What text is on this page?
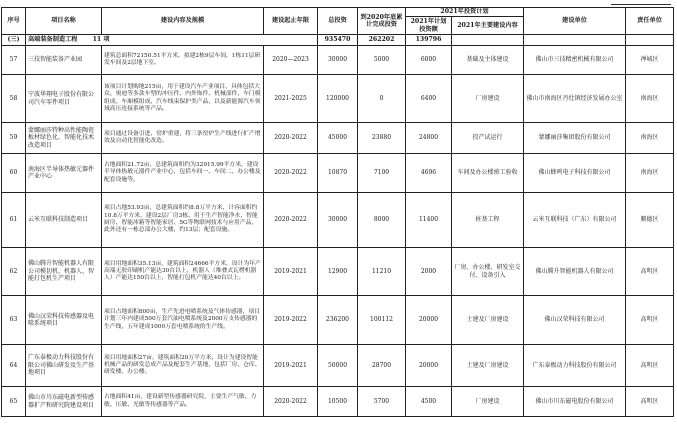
序号	项目名称	建设内容及规模	建设起止年限	总投资	到2020年底累计完成投资	2021年投资计划		建设单位	责任单位
						2021年计划投资额	2021年主要建设内容		
(三)	高端装备制造工程 11 项			935470	262202	139796			
57	三技智能装备产业园	建筑总面积72150.51平方米，拟建2栋9层车间，1栋11层研发车间及2层地下室。	2020—2023	30000	5000	6000	基础及主体建设	佛山市三技精密机械有限公司	禅城区
58	宁波华翔电子股份有限公司汽车零件项目	该项目计划购地215亩，用于建设汽车产业项目，具体包括大众、奥迪等多款车型的冲压件、内外饰件、机械部件、车门模组成、车厢模组成、汽车线束保护类产品，以及新能源汽车领域高压连接系统等产品。	2021-2025	120000	0	6400	厂房建设	佛山市南海区丹灶镇经济发展办公室	南海区
59	蒙娜丽莎特种高性能陶瓷板材绿色化、智能化技术改造项目	项目通过设备引进、窑炉重建，将三条窑炉生产线进行扩产增效及自动化智能化改造。	2020-2022	45000	23880	24800	投产试运行	蒙娜丽莎集团股份有限公司	南海区
60	南海区半导体热敏元器件产业中心	占地面积21.72亩，总建筑面积约为32915.99平方米，建设半导体热敏元器件产业中心，包括车间一、车间二、办公楼及配套设施等。	2020-2022	10870	7100	4696	车间及办公楼竣工验收	佛山蜂鸣电子科技有限公司	南海区
61	云米互联科技制造项目	项目占地53.93亩，总建筑面积约8.8万平方米，计容面积约10.8万平方米，建设2层厂房3栋、用于生产智能净水、智能厨房、智能冰箱等智能家居、5G等物联网技术与应用产品，此外还有一栋总部办公大楼，约13层；配套设施。	2020-2022	30000	8000	11400	桩基工程	云米互联科技（广东）有限公司	顺德区
62	佛山腾升智能机器人有限公司模切机、机器人、智能打包机生产项目	项目用地面积35.13亩，建筑面积24666平方米，设计为年产高端无胶印刷机产能达30台以上，机器人（堆叠式瓦楞机器人）产能达150台以上，智能打包机产能达40台以上。	2019-2021	12900	11210	2000	厂房、办公楼、研发室交付、设备引入	佛山腾升智能机器人有限公司	高明区
63	佛山汉荣科技传感器及电喷系统项目	项目占地面积800亩，生产先进电喷系统及气体传感器，项目计划三年内建成500万套汽油电喷系统及2000万支传感器的生产线，五年建成1000万套电喷系统的生产线。	2019-2022	236200	100112	20000	土建及厂房建设	佛山汉荣科技有限公司	高明区
64	广东泰极动力科技股份有限公司佛山研发及生产基地项目	项目用地面积27亩，建筑面积20万平方米，设计为建设智能机械产品的研发总成产品及配套生产基地，包括厂房、仓库、研发楼、办公楼。	2019-2021	50000	28700	20000	土建及厂房建设	广东泰极动力科技股份有限公司	高明区
65	佛山市川东磁电新型传感器扩产和研究院建设项目	占地面积41亩，建设新型传感器研究院，主要生产气敏、力敏、压敏、光敏等传感器等产品。	2020-2022	10500	5700	4500	厂房建设	佛山市川东磁电股份有限公司	高明区
